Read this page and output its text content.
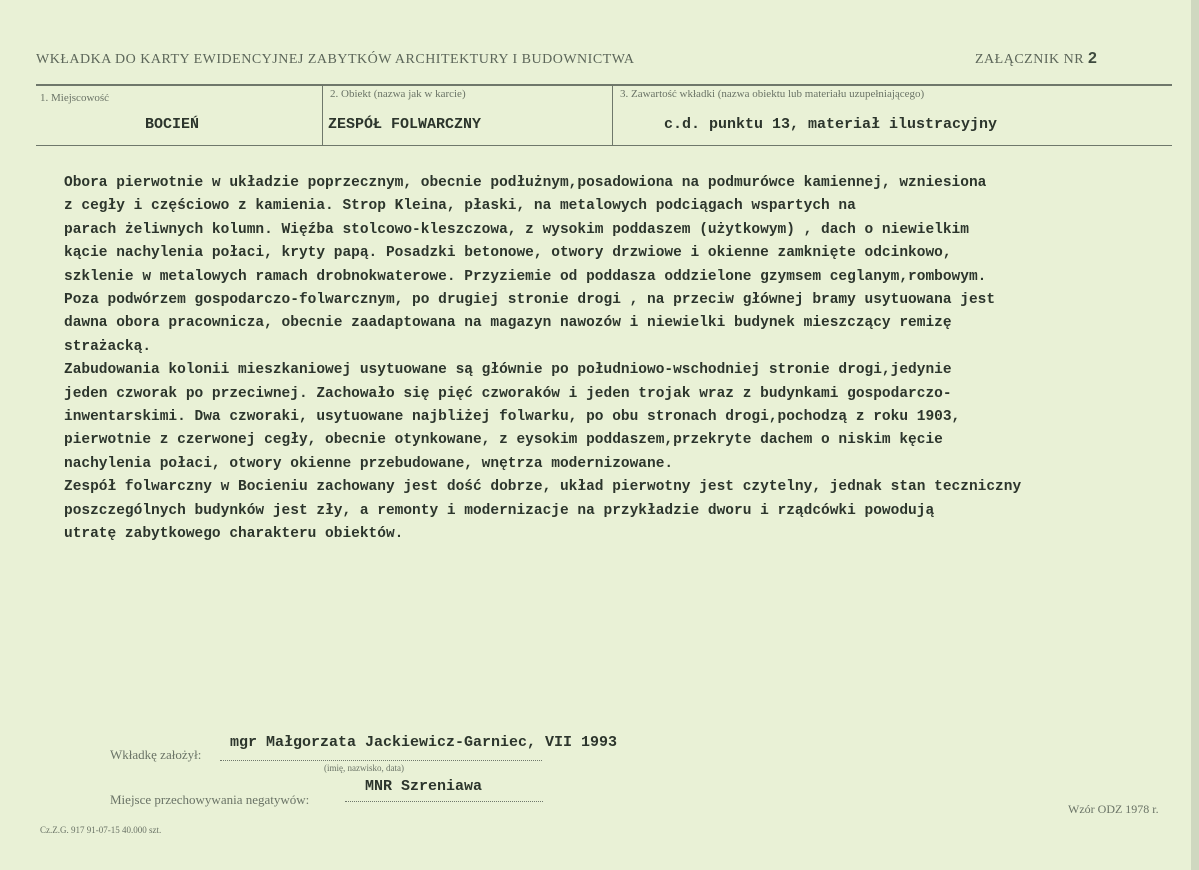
WKŁADKA DO KARTY EWIDENCYJNEJ ZABYTKÓW ARCHITEKTURY I BUDOWNICTWA	ZAŁĄCZNIK NR 2
1. Miejscowość
BOCIEŃ
2. Obiekt (nazwa jak w karcie)
ZESPÓŁ FOLWARCZNY
3. Zawartość wkładki (nazwa obiektu lub materiału uzupełniającego)
c.d. punktu 13, materiał ilustracyjny

Obora pierwotnie w układzie poprzecznym, obecnie podłużnym,posadowiona na podmurówce kamiennej, wzniesiona

z cegły i częściowo z kamienia. Strop Kleina, płaski, na metalowych podciągach wspartych na

parach żeliwnych kolumn. Więźba stolcowo-kleszczowa, z wysokim poddaszem (użytkowym) , dach o niewielkim

kącie nachylenia połaci, kryty papą. Posadzki betonowe, otwory drzwiowe i okienne zamknięte odcinkowo,

szklenie w metalowych ramach drobnokwaterowe. Przyziemie od poddasza oddzielone gzymsem ceglanym,rombowym.

Poza podwórzem gospodarczo-folwarcznym, po drugiej stronie drogi , na przeciw głównej bramy usytuowana jest

dawna obora pracownicza, obecnie zaadaptowana na magazyn nawozów i niewielki budynek mieszczący remizę

strażacką.

Zabudowania kolonii mieszkaniowej usytuowane są głównie po południowo-wschodniej stronie drogi,jedynie

jeden czworak po przeciwnej. Zachowało się pięć czworaków i jeden trojak wraz z budynkami gospodarczo-

inwentarskimi. Dwa czworaki, usytuowane najbliżej folwarku, po obu stronach drogi,pochodzą z roku 1903,

pierwotnie z czerwonej cegły, obecnie otynkowane, z eysokim poddaszem,przekryte dachem o niskim kęcie

nachylenia połaci, otwory okienne przebudowane, wnętrza modernizowane.

Zespół folwarczny w Bocieniu zachowany jest dość dobrze, układ pierwotny jest czytelny, jednak stan teczniczny

poszczególnych budynków jest zły, a remonty i modernizacje na przykładzie dworu i rządcówki powodują

utratę zabytkowego charakteru obiektów.

Wkładkę założył:
mgr Małgorzata Jackiewicz-Garniec, VII 1993
(imię, nazwisko, data)
Miejsce przechowywania negatywów:
MNR Szreniawa
Wzór ODZ 1978 r.
Cz.Z.G. 917 91-07-15 40.000 szt.
